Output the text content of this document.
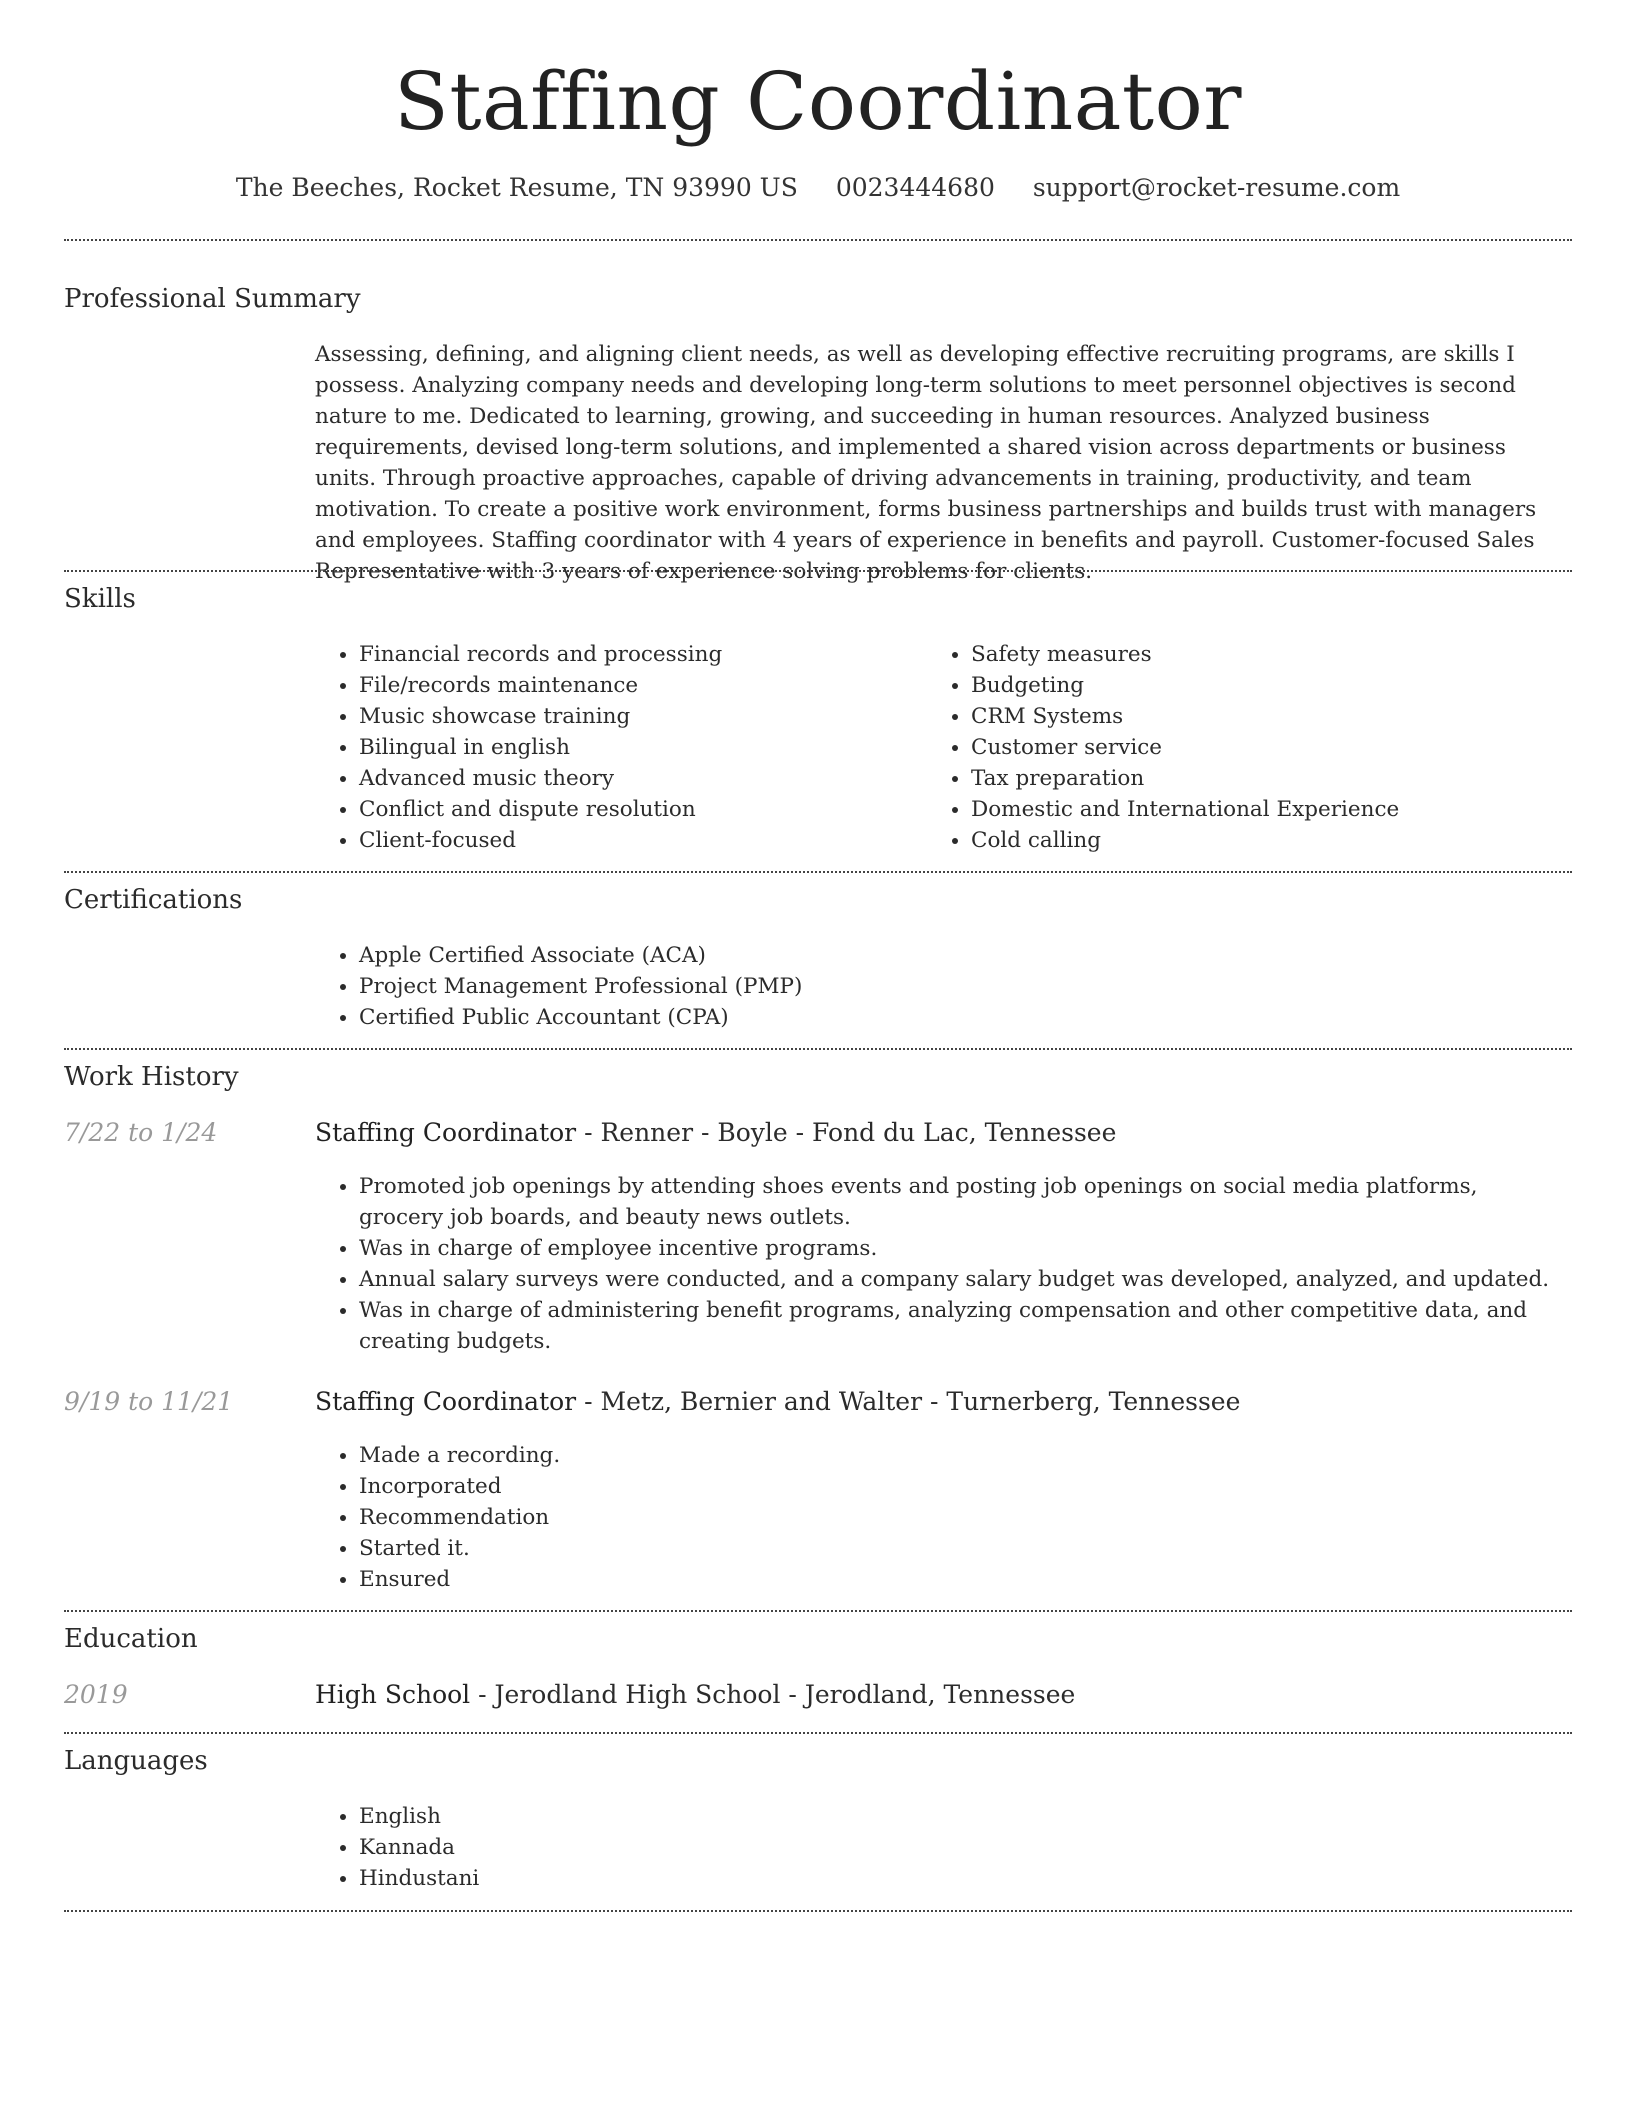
Staffing Coordinator
The Beeches, Rocket Resume, TN 93990 US 0023444680 support@rocket-resume.com
Professional Summary

Assessing, defining, and aligning client needs, as well as developing effective recruiting programs, are skills I possess. Analyzing company needs and developing long-term solutions to meet personnel objectives is second nature to me. Dedicated to learning, growing, and succeeding in human resources. Analyzed business requirements, devised long-term solutions, and implemented a shared vision across departments or business units. Through proactive approaches, capable of driving advancements in training, productivity, and team motivation. To create a positive work environment, forms business partnerships and builds trust with managers and employees. Staffing coordinator with 4 years of experience in benefits and payroll. Customer-focused Sales Representative with 3 years of experience solving problems for clients.

Skills
• Financial records and processing
• File/records maintenance
• Music showcase training
• Bilingual in english
• Advanced music theory
• Conflict and dispute resolution
• Client-focused
• Safety measures
• Budgeting
• CRM Systems
• Customer service
• Tax preparation
• Domestic and International Experience
• Cold calling
Certifications
• Apple Certified Associate (ACA)
• Project Management Professional (PMP)
• Certified Public Accountant (CPA)
Work History
7/22 to 1/24	Staffing Coordinator - Renner - Boyle - Fond du Lac, Tennessee
• Promoted job openings by attending shoes events and posting job openings on social media platforms, grocery job boards, and beauty news outlets.
• Was in charge of employee incentive programs.
• Annual salary surveys were conducted, and a company salary budget was developed, analyzed, and updated.
• Was in charge of administering benefit programs, analyzing compensation and other competitive data, and creating budgets.
9/19 to 11/21	Staffing Coordinator - Metz, Bernier and Walter - Turnerberg, Tennessee
• Made a recording.
• Incorporated
• Recommendation
• Started it.
• Ensured
Education
2019	High School - Jerodland High School - Jerodland, Tennessee
Languages
• English
• Kannada
• Hindustani
